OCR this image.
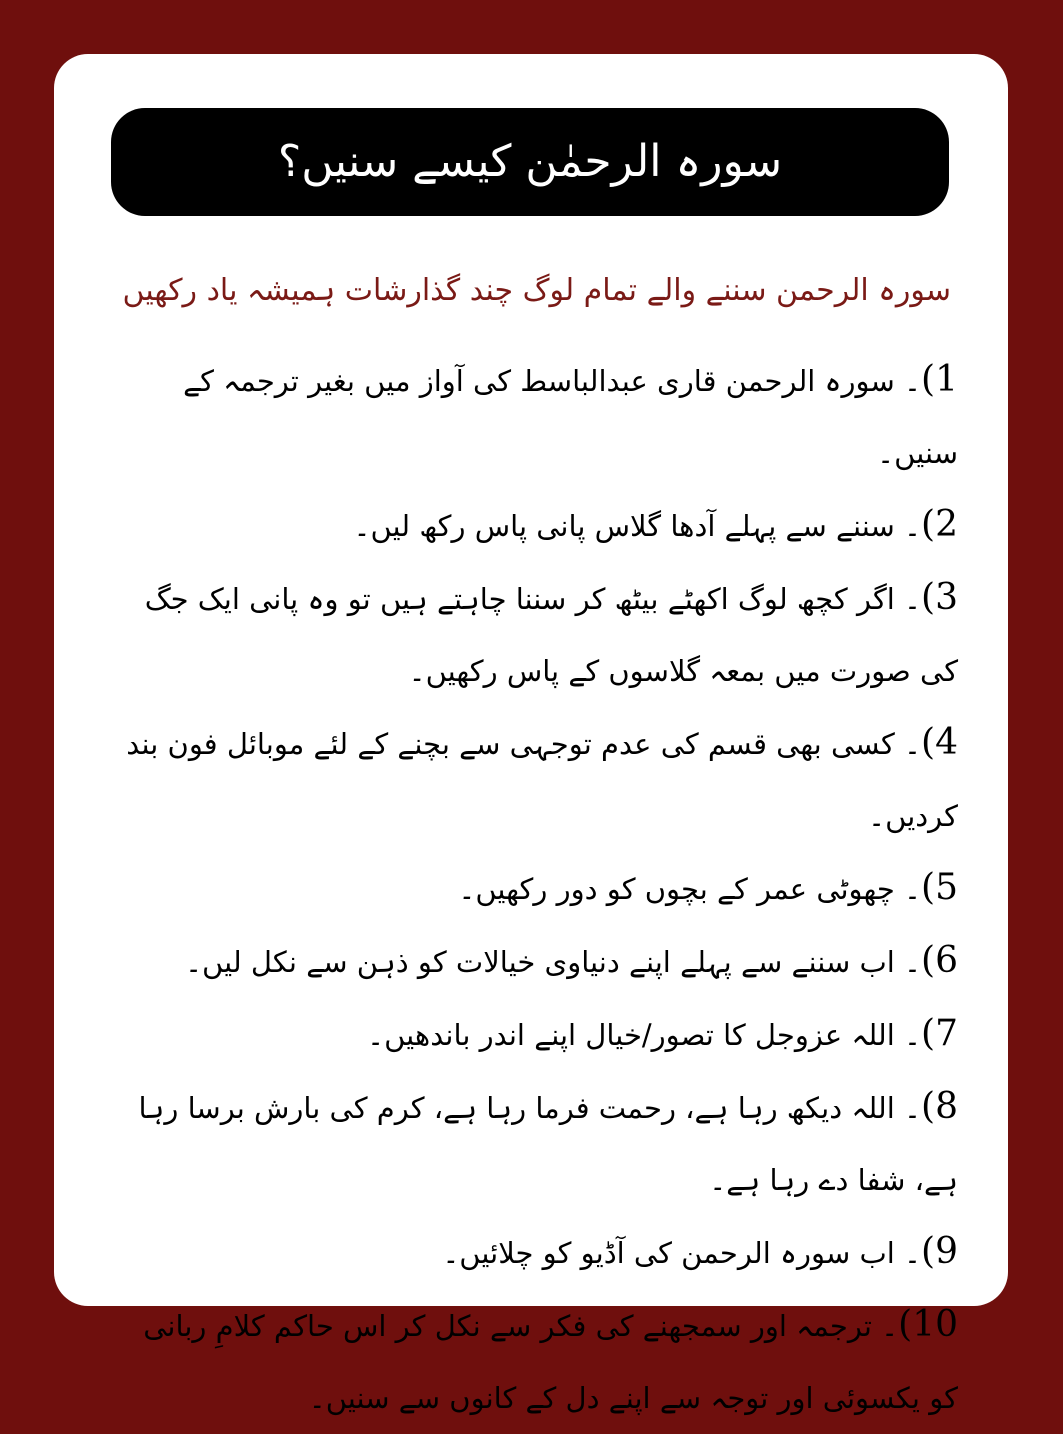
سورہ الرحمٰن کیسے سنیں؟
سورہ الرحمن سننے والے تمام لوگ چند گذارشات ہمیشہ یاد رکھیں
1)۔ سورہ الرحمن قاری عبدالباسط کی آواز میں بغیر ترجمہ کے سنیں۔
2)۔ سننے سے پہلے آدھا گلاس پانی پاس رکھ لیں۔
3)۔ اگر کچھ لوگ اکھٹے بیٹھ کر سننا چاہتے ہیں تو وہ پانی ایک جگ کی صورت میں بمعہ گلاسوں کے پاس رکھیں۔
4)۔ کسی بھی قسم کی عدم توجہی سے بچنے کے لئے موبائل فون بند کردیں۔
5)۔ چھوٹی عمر کے بچوں کو دور رکھیں۔
6)۔ اب سننے سے پہلے اپنے دنیاوی خیالات کو ذہن سے نکل لیں۔
7)۔ اللہ عزوجل کا تصور/خیال اپنے اندر باندھیں۔
8)۔ اللہ دیکھ رہا ہے، رحمت فرما رہا ہے، کرم کی بارش برسا رہا ہے، شفا دے رہا ہے۔
9)۔ اب سورہ الرحمن کی آڈیو کو چلائیں۔
10)۔ ترجمہ اور سمجھنے کی فکر سے نکل کر اس حاکم کلامِ ربانی کو یکسوئی اور توجہ سے اپنے دل کے کانوں سے سنیں۔
